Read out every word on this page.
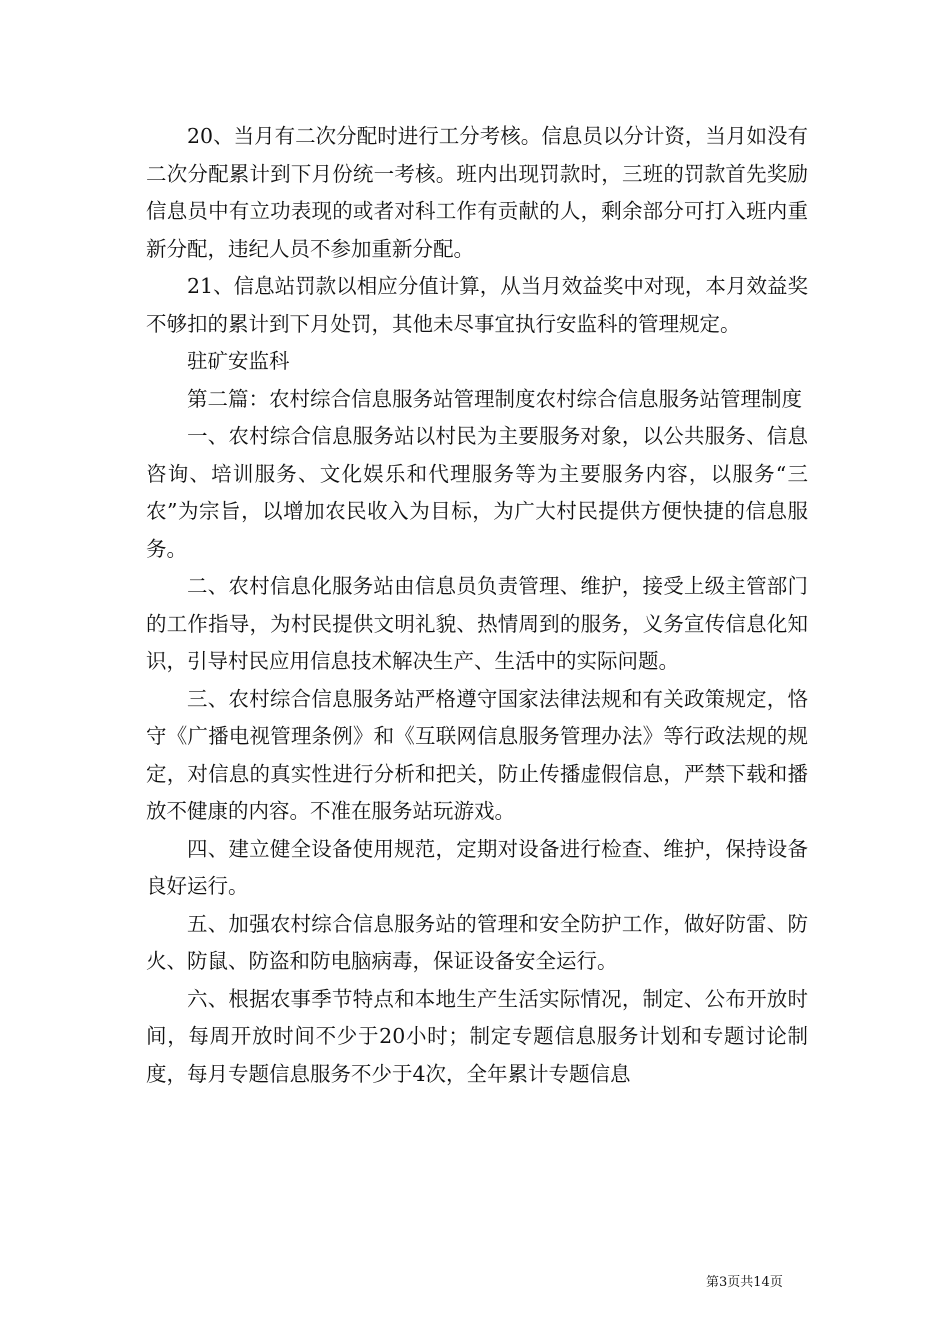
20、当月有二次分配时进行工分考核。信息员以分计资，当月如没有二次分配累计到下月份统一考核。班内出现罚款时，三班的罚款首先奖励信息员中有立功表现的或者对科工作有贡献的人，剩余部分可打入班内重新分配，违纪人员不参加重新分配。

21、信息站罚款以相应分值计算，从当月效益奖中对现，本月效益奖不够扣的累计到下月处罚，其他未尽事宜执行安监科的管理规定。

驻矿安监科

第二篇：农村综合信息服务站管理制度农村综合信息服务站管理制度

一、农村综合信息服务站以村民为主要服务对象，以公共服务、信息咨询、培训服务、文化娱乐和代理服务等为主要服务内容，以服务“三农”为宗旨，以增加农民收入为目标，为广大村民提供方便快捷的信息服务。

二、农村信息化服务站由信息员负责管理、维护，接受上级主管部门的工作指导，为村民提供文明礼貌、热情周到的服务，义务宣传信息化知识，引导村民应用信息技术解决生产、生活中的实际问题。

三、农村综合信息服务站严格遵守国家法律法规和有关政策规定，恪守《广播电视管理条例》和《互联网信息服务管理办法》等行政法规的规定，对信息的真实性进行分析和把关，防止传播虚假信息，严禁下载和播放不健康的内容。不准在服务站玩游戏。

四、建立健全设备使用规范，定期对设备进行检查、维护，保持设备良好运行。

五、加强农村综合信息服务站的管理和安全防护工作，做好防雷、防火、防鼠、防盗和防电脑病毒，保证设备安全运行。

六、根据农事季节特点和本地生产生活实际情况，制定、公布开放时间，每周开放时间不少于20小时；制定专题信息服务计划和专题讨论制度，每月专题信息服务不少于4次，全年累计专题信息

第3页共14页
